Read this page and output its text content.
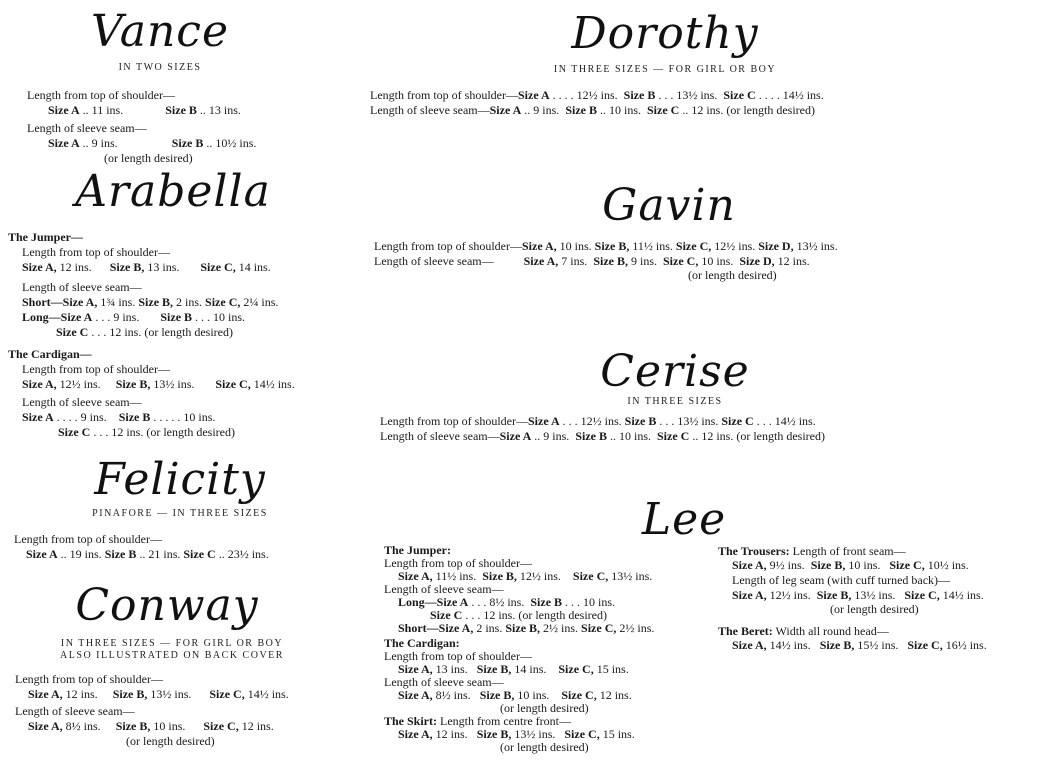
Vance
IN TWO SIZES
Length from top of shoulder—
Size A .. 11 ins.	Size B .. 13 ins.
Length of sleeve seam—
Size A .. 9 ins.	Size B .. 10½ ins.
(or length desired)
Arabella
The Jumper—
Length from top of shoulder—
Size A, 12 ins. Size B, 13 ins. Size C, 14 ins.
Length of sleeve seam—
Short—Size A, 1¾ ins. Size B, 2 ins. Size C, 2¼ ins.
Long—Size A . . . 9 ins. Size B . . . 10 ins.
Size C . . . 12 ins. (or length desired)
The Cardigan—
Length from top of shoulder—
Size A, 12½ ins. Size B, 13½ ins. Size C, 14½ ins.
Length of sleeve seam—
Size A . . . . 9 ins. Size B . . . . . 10 ins.
Size C . . . 12 ins. (or length desired)
Felicity
PINAFORE — IN THREE SIZES
Length from top of shoulder—
Size A .. 19 ins. Size B .. 21 ins. Size C .. 23½ ins.
Conway
IN THREE SIZES — FOR GIRL OR BOY
ALSO ILLUSTRATED ON BACK COVER
Length from top of shoulder—
Size A, 12 ins. Size B, 13½ ins. Size C, 14½ ins.
Length of sleeve seam—
Size A, 8½ ins. Size B, 10 ins. Size C, 12 ins.
(or length desired)
Dorothy
IN THREE SIZES — FOR GIRL OR BOY
Length from top of shoulder—Size A . . . . 12½ ins. Size B . . . 13½ ins. Size C . . . . 14½ ins.
Length of sleeve seam—Size A .. 9 ins. Size B .. 10 ins. Size C .. 12 ins. (or length desired)
Gavin
Length from top of shoulder—Size A, 10 ins. Size B, 11½ ins. Size C, 12½ ins. Size D, 13½ ins.
Length of sleeve seam—	Size A, 7 ins. Size B, 9 ins. Size C, 10 ins. Size D, 12 ins.
(or length desired)
Cerise
IN THREE SIZES
Length from top of shoulder—Size A . . . 12½ ins. Size B . . . 13½ ins. Size C . . . 14½ ins.
Length of sleeve seam—Size A .. 9 ins. Size B .. 10 ins. Size C .. 12 ins. (or length desired)
Lee
The Jumper:
Length from top of shoulder—
Size A, 11½ ins. Size B, 12½ ins. Size C, 13½ ins.
Length of sleeve seam—
Long—Size A . . . 8½ ins. Size B . . . 10 ins.
Size C . . . 12 ins. (or length desired)
Short—Size A, 2 ins. Size B, 2½ ins. Size C, 2½ ins.
The Cardigan:
Length from top of shoulder—
Size A, 13 ins. Size B, 14 ins. Size C, 15 ins.
Length of sleeve seam—
Size A, 8½ ins. Size B, 10 ins. Size C, 12 ins.
(or length desired)
The Skirt: Length from centre front—
Size A, 12 ins. Size B, 13½ ins. Size C, 15 ins.
(or length desired)
The Trousers: Length of front seam—
Size A, 9½ ins. Size B, 10 ins. Size C, 10½ ins.
Length of leg seam (with cuff turned back)—
Size A, 12½ ins. Size B, 13½ ins. Size C, 14½ ins.
(or length desired)
The Beret: Width all round head—
Size A, 14½ ins. Size B, 15½ ins. Size C, 16½ ins.
